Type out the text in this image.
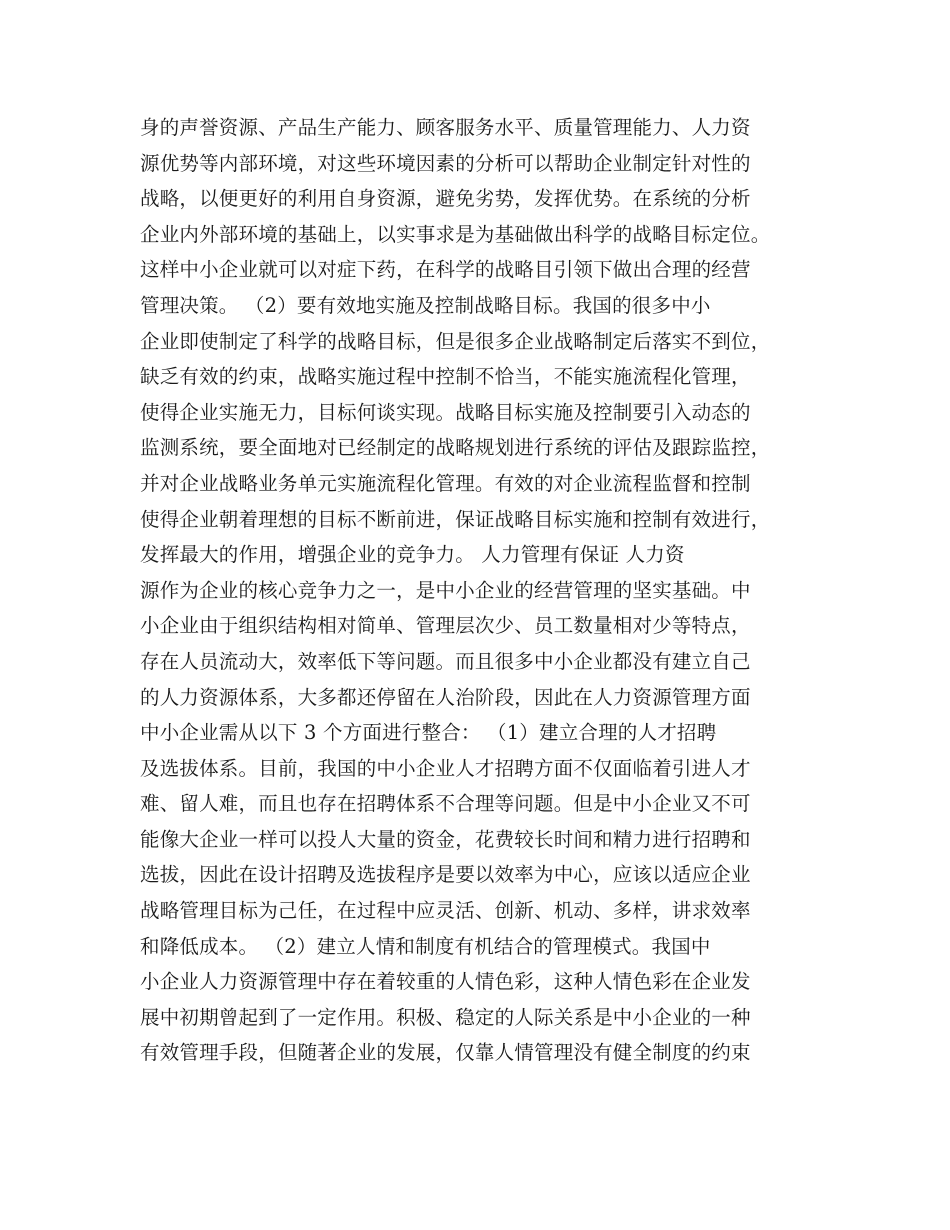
身的声誉资源、产品生产能力、顾客服务水平、质量管理能力、人力资
源优势等内部环境，对这些环境因素的分析可以帮助企业制定针对性的
战略，以便更好的利用自身资源，避免劣势，发挥优势。在系统的分析
企业内外部环境的基础上，以实事求是为基础做出科学的战略目标定位。
这样中小企业就可以对症下药，在科学的战略目引领下做出合理的经营
管理决策。 （2）要有效地实施及控制战略目标。我国的很多中小
企业即使制定了科学的战略目标，但是很多企业战略制定后落实不到位，
缺乏有效的约束，战略实施过程中控制不恰当，不能实施流程化管理，
使得企业实施无力，目标何谈实现。战略目标实施及控制要引入动态的
监测系统，要全面地对已经制定的战略规划进行系统的评估及跟踪监控，
并对企业战略业务单元实施流程化管理。有效的对企业流程监督和控制
使得企业朝着理想的目标不断前进，保证战略目标实施和控制有效进行，
发挥最大的作用，增强企业的竞争力。 人力管理有保证 人力资
源作为企业的核心竞争力之一，是中小企业的经营管理的坚实基础。中
小企业由于组织结构相对简单、管理层次少、员工数量相对少等特点，
存在人员流动大，效率低下等问题。而且很多中小企业都没有建立自己
的人力资源体系，大多都还停留在人治阶段，因此在人力资源管理方面
中小企业需从以下 3 个方面进行整合： （1）建立合理的人才招聘
及选拔体系。目前，我国的中小企业人才招聘方面不仅面临着引进人才
难、留人难，而且也存在招聘体系不合理等问题。但是中小企业又不可
能像大企业一样可以投人大量的资金，花费较长时间和精力进行招聘和
选拔，因此在设计招聘及选拔程序是要以效率为中心，应该以适应企业
战略管理目标为己任，在过程中应灵活、创新、机动、多样，讲求效率
和降低成本。 （2）建立人情和制度有机结合的管理模式。我国中
小企业人力资源管理中存在着较重的人情色彩，这种人情色彩在企业发
展中初期曾起到了一定作用。积极、稳定的人际关系是中小企业的一种
有效管理手段，但随著企业的发展，仅靠人情管理没有健全制度的约束
